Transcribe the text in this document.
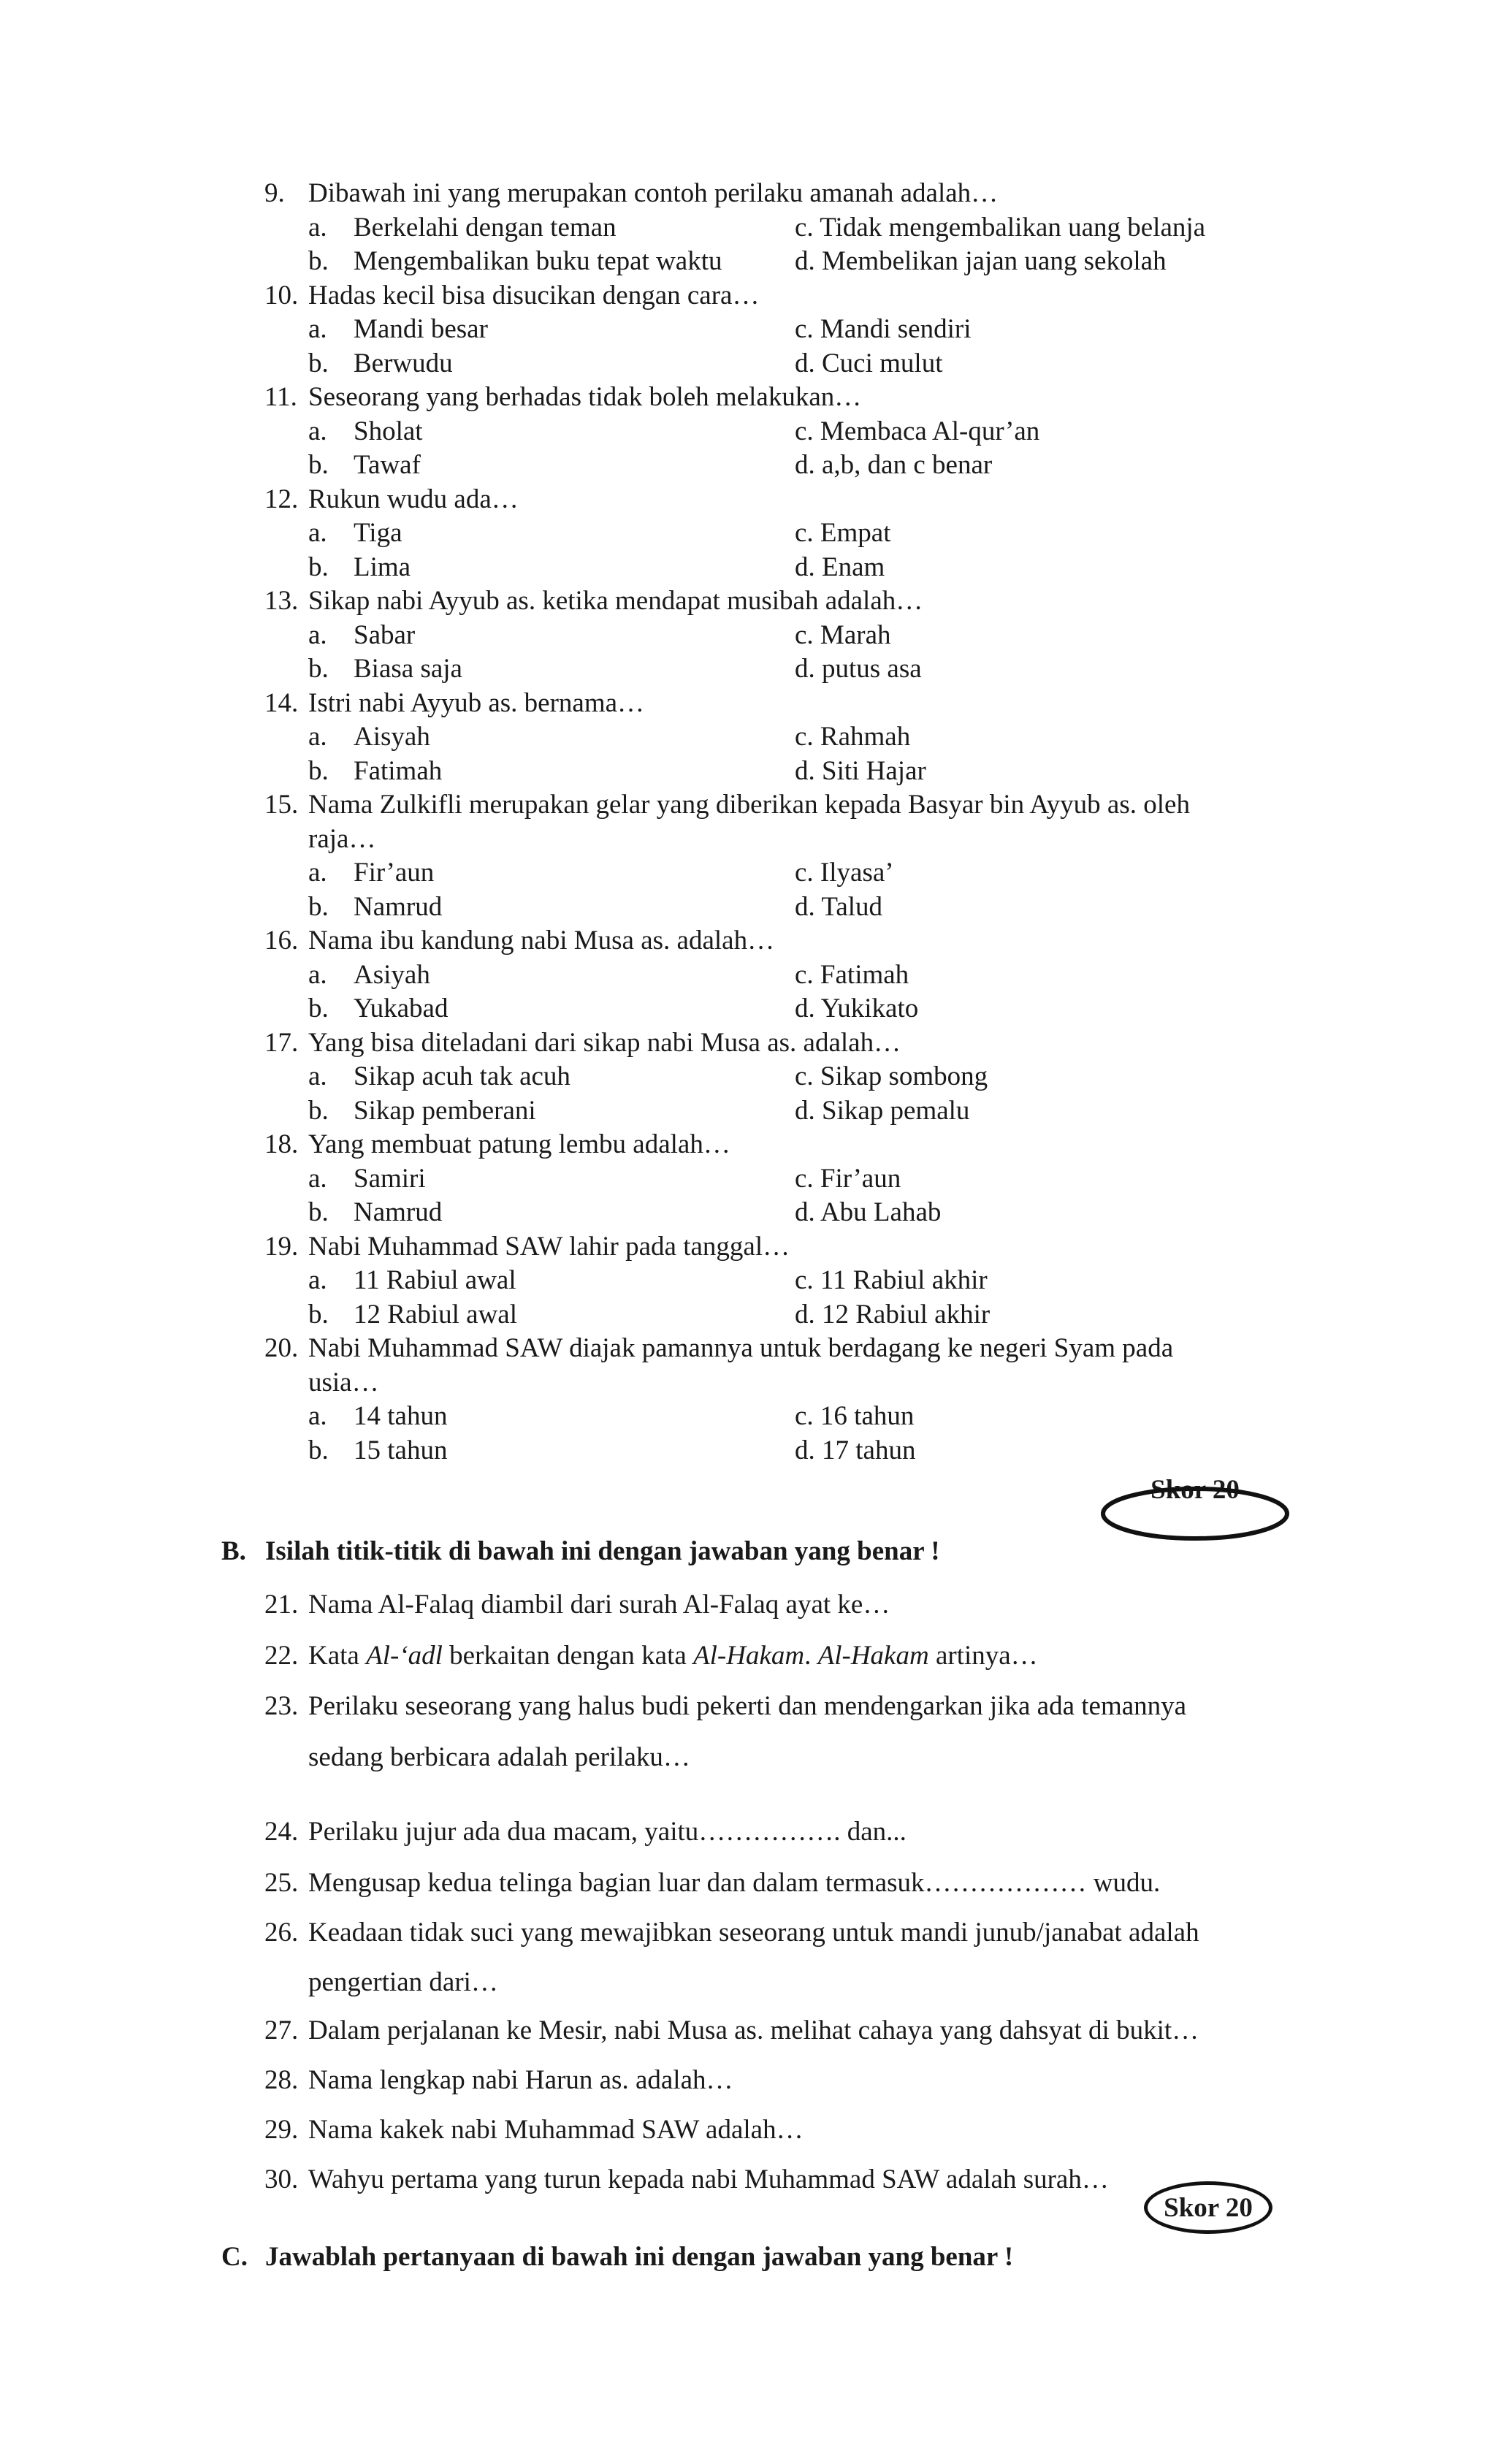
9. Dibawah ini yang merupakan contoh perilaku amanah adalah…
a. Berkelahi dengan teman	c. Tidak mengembalikan uang belanja
b. Mengembalikan buku tepat waktu	d. Membelikan jajan uang sekolah
10. Hadas kecil bisa disucikan dengan cara…
a. Mandi besar	c. Mandi sendiri
b. Berwudu	d. Cuci mulut
11. Seseorang yang berhadas tidak boleh melakukan…
a. Sholat	c. Membaca Al-qur’an
b. Tawaf	d. a,b, dan c benar
12. Rukun wudu ada…
a. Tiga	c. Empat
b. Lima	d. Enam
13. Sikap nabi Ayyub as. ketika mendapat musibah adalah…
a. Sabar	c. Marah
b. Biasa saja	d. putus asa
14. Istri nabi Ayyub as. bernama…
a. Aisyah	c. Rahmah
b. Fatimah	d. Siti Hajar
15. Nama Zulkifli merupakan gelar yang diberikan kepada Basyar bin Ayyub as. oleh
raja…
a. Fir’aun	c. Ilyasa’
b. Namrud	d. Talud
16. Nama ibu kandung nabi Musa as. adalah…
a. Asiyah	c. Fatimah
b. Yukabad	d. Yukikato
17. Yang bisa diteladani dari sikap nabi Musa as. adalah…
a. Sikap acuh tak acuh	c. Sikap sombong
b. Sikap pemberani	d. Sikap pemalu
18. Yang membuat patung lembu adalah…
a. Samiri	c. Fir’aun
b. Namrud	d. Abu Lahab
19. Nabi Muhammad SAW lahir pada tanggal…
a. 11 Rabiul awal	c. 11 Rabiul akhir
b. 12 Rabiul awal	d. 12 Rabiul akhir
20. Nabi Muhammad SAW diajak pamannya untuk berdagang ke negeri Syam pada
usia…
a. 14 tahun	c. 16 tahun
b. 15 tahun	d. 17 tahun
Skor 20
B. Isilah titik-titik di bawah ini dengan jawaban yang benar !
21. Nama Al-Falaq diambil dari surah Al-Falaq ayat ke…
22. Kata Al-‘adl berkaitan dengan kata Al-Hakam. Al-Hakam artinya…
23. Perilaku seseorang yang halus budi pekerti dan mendengarkan jika ada temannya
sedang berbicara adalah perilaku…
24. Perilaku jujur ada dua macam, yaitu……………. dan...
25. Mengusap kedua telinga bagian luar dan dalam termasuk……………… wudu.
26. Keadaan tidak suci yang mewajibkan seseorang untuk mandi junub/janabat adalah
pengertian dari…
27. Dalam perjalanan ke Mesir, nabi Musa as. melihat cahaya yang dahsyat di bukit…
28. Nama lengkap nabi Harun as. adalah…
29. Nama kakek nabi Muhammad SAW adalah…
30. Wahyu pertama yang turun kepada nabi Muhammad SAW adalah surah…
Skor 20
C. Jawablah pertanyaan di bawah ini dengan jawaban yang benar !
